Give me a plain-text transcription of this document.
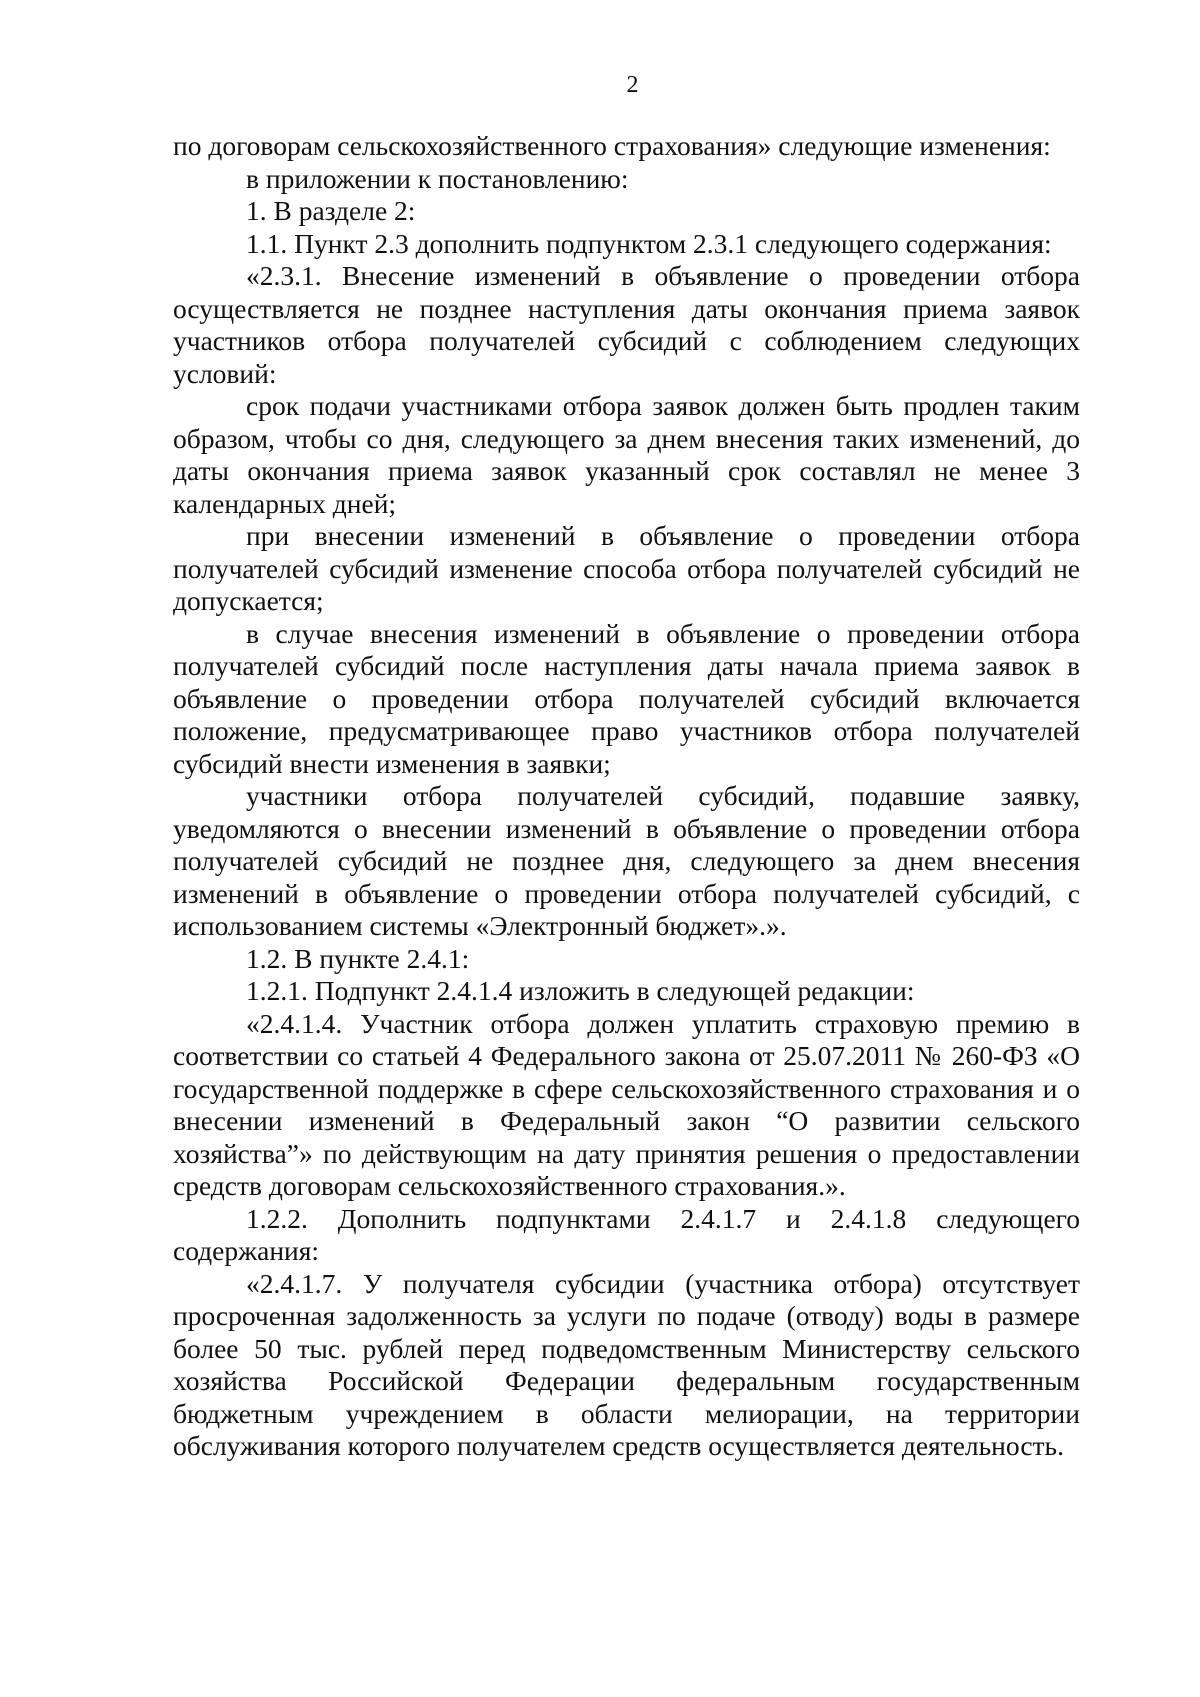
2

по договорам сельскохозяйственного страхования» следующие изменения:

в приложении к постановлению:

1. В разделе 2:

1.1. Пункт 2.3 дополнить подпунктом 2.3.1 следующего содержания:

«2.3.1. Внесение изменений в объявление о проведении отбора осуществляется не позднее наступления даты окончания приема заявок участников отбора получателей субсидий с соблюдением следующих условий:

срок подачи участниками отбора заявок должен быть продлен таким образом, чтобы со дня, следующего за днем внесения таких изменений, до даты окончания приема заявок указанный срок составлял не менее 3 календарных дней;

при внесении изменений в объявление о проведении отбора получателей субсидий изменение способа отбора получателей субсидий не допускается;

в случае внесения изменений в объявление о проведении отбора получателей субсидий после наступления даты начала приема заявок в объявление о проведении отбора получателей субсидий включается положение, предусматривающее право участников отбора получателей субсидий внести изменения в заявки;

участники отбора получателей субсидий, подавшие заявку, уведомляются о внесении изменений в объявление о проведении отбора получателей субсидий не позднее дня, следующего за днем внесения изменений в объявление о проведении отбора получателей субсидий, с использованием системы «Электронный бюджет».».

1.2. В пункте 2.4.1:

1.2.1. Подпункт 2.4.1.4 изложить в следующей редакции:

«2.4.1.4. Участник отбора должен уплатить страховую премию в соответствии со статьей 4 Федерального закона от 25.07.2011 № 260-ФЗ «О государственной поддержке в сфере сельскохозяйственного страхования и о внесении изменений в Федеральный закон “О развитии сельского хозяйства”» по действующим на дату принятия решения о предоставлении средств договорам сельскохозяйственного страхования.».

1.2.2. Дополнить подпунктами 2.4.1.7 и 2.4.1.8 следующего содержания:

«2.4.1.7. У получателя субсидии (участника отбора) отсутствует просроченная задолженность за услуги по подаче (отводу) воды в размере более 50 тыс. рублей перед подведомственным Министерству сельского хозяйства Российской Федерации федеральным государственным бюджетным учреждением в области мелиорации, на территории обслуживания которого получателем средств осуществляется деятельность.
